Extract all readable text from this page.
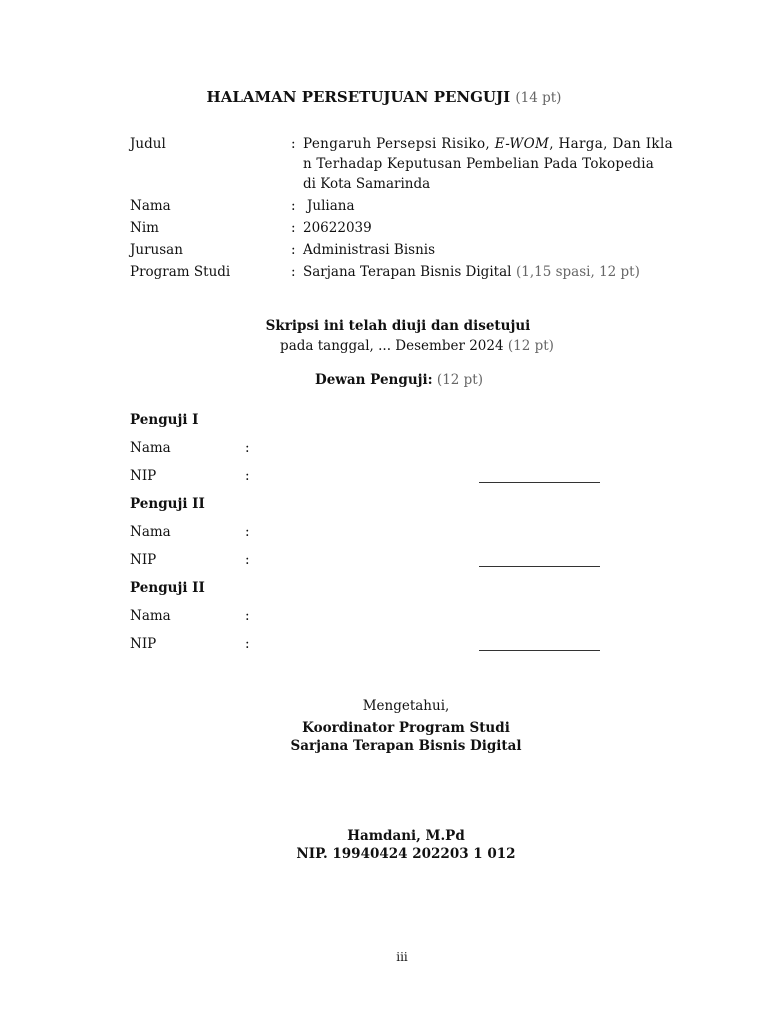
HALAMAN PERSETUJUAN PENGUJI (14 pt)
Judul	: Pengaruh Persepsi Risiko, E-WOM, Harga, Dan Ikla
n Terhadap Keputusan Pembelian Pada Tokopedia
di Kota Samarinda
Nama	: Juliana
Nim	: 20622039
Jurusan	: Administrasi Bisnis
Program Studi	: Sarjana Terapan Bisnis Digital (1,15 spasi, 12 pt)
Skripsi ini telah diuji dan disetujui
pada tanggal, ... Desember 2024 (12 pt)
Dewan Penguji: (12 pt)
Penguji I
Nama	:
NIP	:
Penguji II
Nama	:
NIP	:
Penguji II
Nama	:
NIP	:
Mengetahui,
Koordinator Program Studi
Sarjana Terapan Bisnis Digital
Hamdani, M.Pd
NIP. 19940424 202203 1 012
iii
